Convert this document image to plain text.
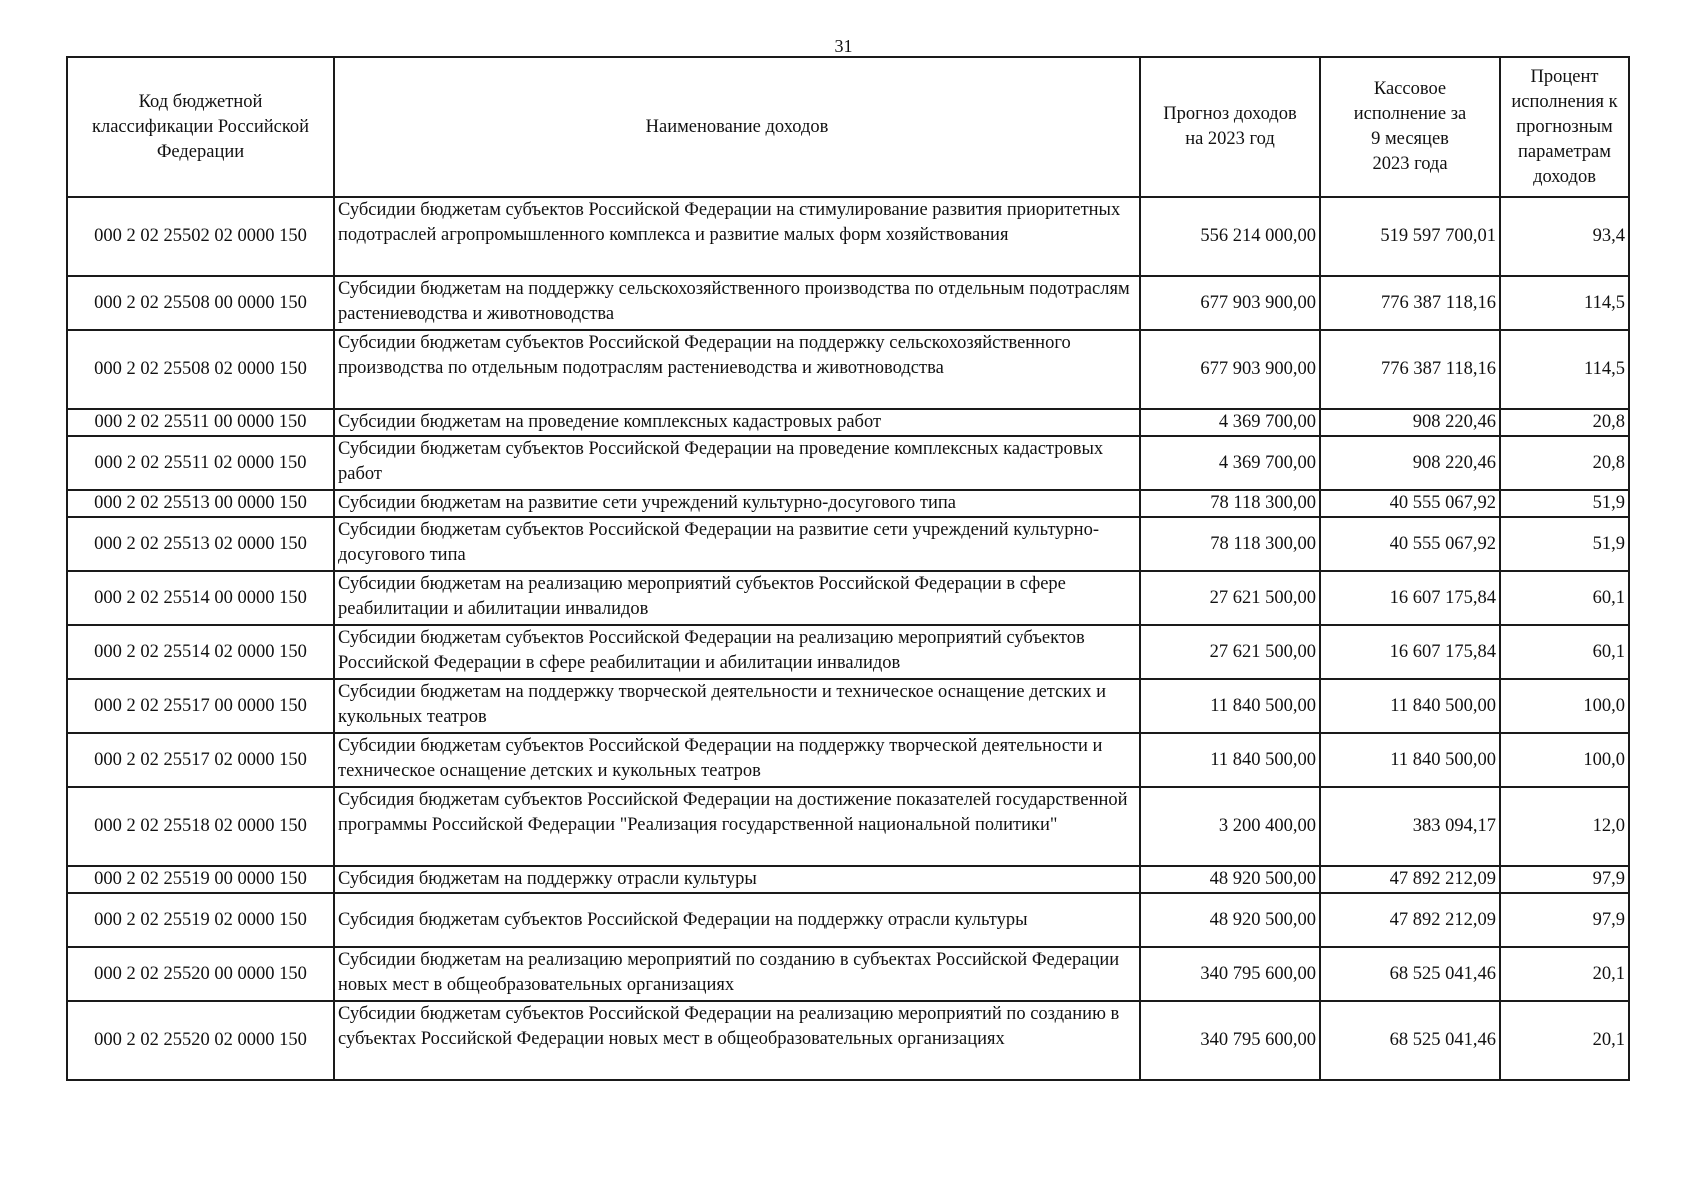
31
Код бюджетной классификации Российской Федерации	Наименование доходов	Прогноз доходов на 2023 год	Кассовое исполнение за 9 месяцев 2023 года	Процент исполнения к прогнозным параметрам доходов
000 2 02 25502 02 0000 150	Субсидии бюджетам субъектов Российской Федерации на стимулирование развития приоритетных подотраслей агропромышленного комплекса и развитие малых форм хозяйствования	556 214 000,00	519 597 700,01	93,4
000 2 02 25508 00 0000 150	Субсидии бюджетам на поддержку сельскохозяйственного производства по отдельным подотраслям растениеводства и животноводства	677 903 900,00	776 387 118,16	114,5
000 2 02 25508 02 0000 150	Субсидии бюджетам субъектов Российской Федерации на поддержку сельскохозяйственного производства по отдельным подотраслям растениеводства и животноводства	677 903 900,00	776 387 118,16	114,5
000 2 02 25511 00 0000 150	Субсидии бюджетам на проведение комплексных кадастровых работ	4 369 700,00	908 220,46	20,8
000 2 02 25511 02 0000 150	Субсидии бюджетам субъектов Российской Федерации на проведение комплексных кадастровых работ	4 369 700,00	908 220,46	20,8
000 2 02 25513 00 0000 150	Субсидии бюджетам на развитие сети учреждений культурно-досугового типа	78 118 300,00	40 555 067,92	51,9
000 2 02 25513 02 0000 150	Субсидии бюджетам субъектов Российской Федерации на развитие сети учреждений культурно-досугового типа	78 118 300,00	40 555 067,92	51,9
000 2 02 25514 00 0000 150	Субсидии бюджетам на реализацию мероприятий субъектов Российской Федерации в сфере реабилитации и абилитации инвалидов	27 621 500,00	16 607 175,84	60,1
000 2 02 25514 02 0000 150	Субсидии бюджетам субъектов Российской Федерации на реализацию мероприятий субъектов Российской Федерации в сфере реабилитации и абилитации инвалидов	27 621 500,00	16 607 175,84	60,1
000 2 02 25517 00 0000 150	Субсидии бюджетам на поддержку творческой деятельности и техническое оснащение детских и кукольных театров	11 840 500,00	11 840 500,00	100,0
000 2 02 25517 02 0000 150	Субсидии бюджетам субъектов Российской Федерации на поддержку творческой деятельности и техническое оснащение детских и кукольных театров	11 840 500,00	11 840 500,00	100,0
000 2 02 25518 02 0000 150	Субсидия бюджетам субъектов Российской Федерации на достижение показателей государственной программы Российской Федерации "Реализация государственной национальной политики"	3 200 400,00	383 094,17	12,0
000 2 02 25519 00 0000 150	Субсидия бюджетам на поддержку отрасли культуры	48 920 500,00	47 892 212,09	97,9
000 2 02 25519 02 0000 150	Субсидия бюджетам субъектов Российской Федерации на поддержку отрасли культуры	48 920 500,00	47 892 212,09	97,9
000 2 02 25520 00 0000 150	Субсидии бюджетам на реализацию мероприятий по созданию в субъектах Российской Федерации новых мест в общеобразовательных организациях	340 795 600,00	68 525 041,46	20,1
000 2 02 25520 02 0000 150	Субсидии бюджетам субъектов Российской Федерации на реализацию мероприятий по созданию в субъектах Российской Федерации новых мест в общеобразовательных организациях	340 795 600,00	68 525 041,46	20,1
